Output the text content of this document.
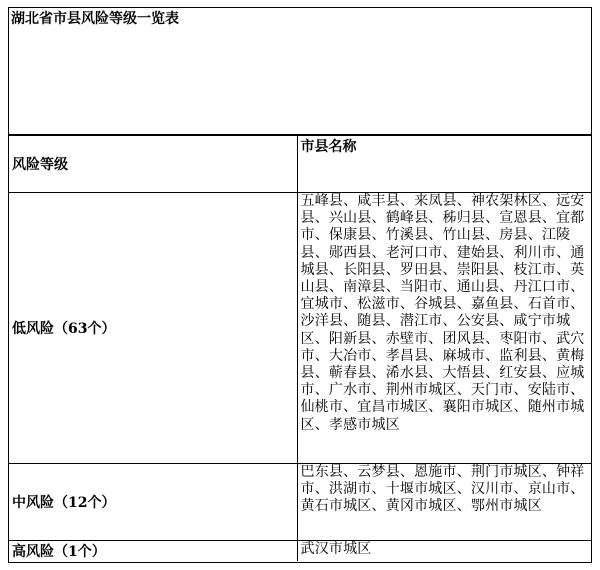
湖北省市县风险等级一览表
风险等级	市县名称
低风险（63个）	五峰县、咸丰县、来凤县、神农架林区、远安县、兴山县、鹤峰县、秭归县、宣恩县、宜都市、保康县、竹溪县、竹山县、房县、江陵县、郧西县、老河口市、建始县、利川市、通城县、长阳县、罗田县、崇阳县、枝江市、英山县、南漳县、当阳市、通山县、丹江口市、宜城市、松滋市、谷城县、嘉鱼县、石首市、沙洋县、随县、潜江市、公安县、咸宁市城区、阳新县、赤壁市、团风县、枣阳市、武穴市、大冶市、孝昌县、麻城市、监利县、黄梅县、蕲春县、浠水县、大悟县、红安县、应城市、广水市、荆州市城区、天门市、安陆市、仙桃市、宜昌市城区、襄阳市城区、随州市城区、孝感市城区
中风险（12个）	巴东县、云梦县、恩施市、荆门市城区、钟祥市、洪湖市、十堰市城区、汉川市、京山市、黄石市城区、黄冈市城区、鄂州市城区
高风险（1个）	武汉市城区
